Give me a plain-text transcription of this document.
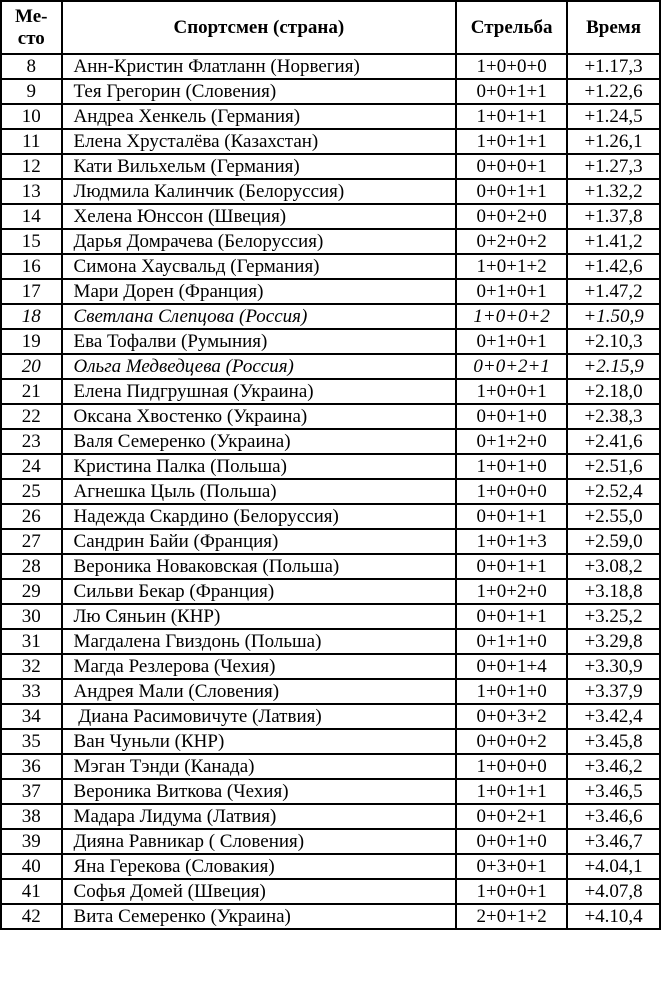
Ме-
сто	Спортсмен (страна)	Стрельба	Время
8	Анн-Кристин Флатланн (Норвегия)	1+0+0+0	+1.17,3
9	Тея Грегорин (Словения)	0+0+1+1	+1.22,6
10	Андреа Хенкель (Германия)	1+0+1+1	+1.24,5
11	Елена Хрусталёва (Казахстан)	1+0+1+1	+1.26,1
12	Кати Вильхельм (Германия)	0+0+0+1	+1.27,3
13	Людмила Калинчик (Белоруссия)	0+0+1+1	+1.32,2
14	Хелена Юнссон (Швеция)	0+0+2+0	+1.37,8
15	Дарья Домрачева (Белоруссия)	0+2+0+2	+1.41,2
16	Симона Хаусвальд (Германия)	1+0+1+2	+1.42,6
17	Мари Дорен (Франция)	0+1+0+1	+1.47,2
18	Светлана Слепцова (Россия)	1+0+0+2	+1.50,9
19	Ева Тофалви (Румыния)	0+1+0+1	+2.10,3
20	Ольга Медведцева (Россия)	0+0+2+1	+2.15,9
21	Елена Пидгрушная (Украина)	1+0+0+1	+2.18,0
22	Оксана Хвостенко (Украина)	0+0+1+0	+2.38,3
23	Валя Семеренко (Украина)	0+1+2+0	+2.41,6
24	Кристина Палка (Польша)	1+0+1+0	+2.51,6
25	Агнешка Цыль (Польша)	1+0+0+0	+2.52,4
26	Надежда Скардино (Белоруссия)	0+0+1+1	+2.55,0
27	Сандрин Байи (Франция)	1+0+1+3	+2.59,0
28	Вероника Новаковская (Польша)	0+0+1+1	+3.08,2
29	Сильви Бекар (Франция)	1+0+2+0	+3.18,8
30	Лю Сяньин (КНР)	0+0+1+1	+3.25,2
31	Магдалена Гвиздонь (Польша)	0+1+1+0	+3.29,8
32	Магда Резлерова (Чехия)	0+0+1+4	+3.30,9
33	Андрея Мали (Словения)	1+0+1+0	+3.37,9
34	Диана Расимовичуте (Латвия)	0+0+3+2	+3.42,4
35	Ван Чуньли (КНР)	0+0+0+2	+3.45,8
36	Мэган Тэнди (Канада)	1+0+0+0	+3.46,2
37	Вероника Виткова (Чехия)	1+0+1+1	+3.46,5
38	Мадара Лидума (Латвия)	0+0+2+1	+3.46,6
39	Дияна Равникар ( Словения)	0+0+1+0	+3.46,7
40	Яна Герекова (Словакия)	0+3+0+1	+4.04,1
41	Софья Домей (Швеция)	1+0+0+1	+4.07,8
42	Вита Семеренко (Украина)	2+0+1+2	+4.10,4
